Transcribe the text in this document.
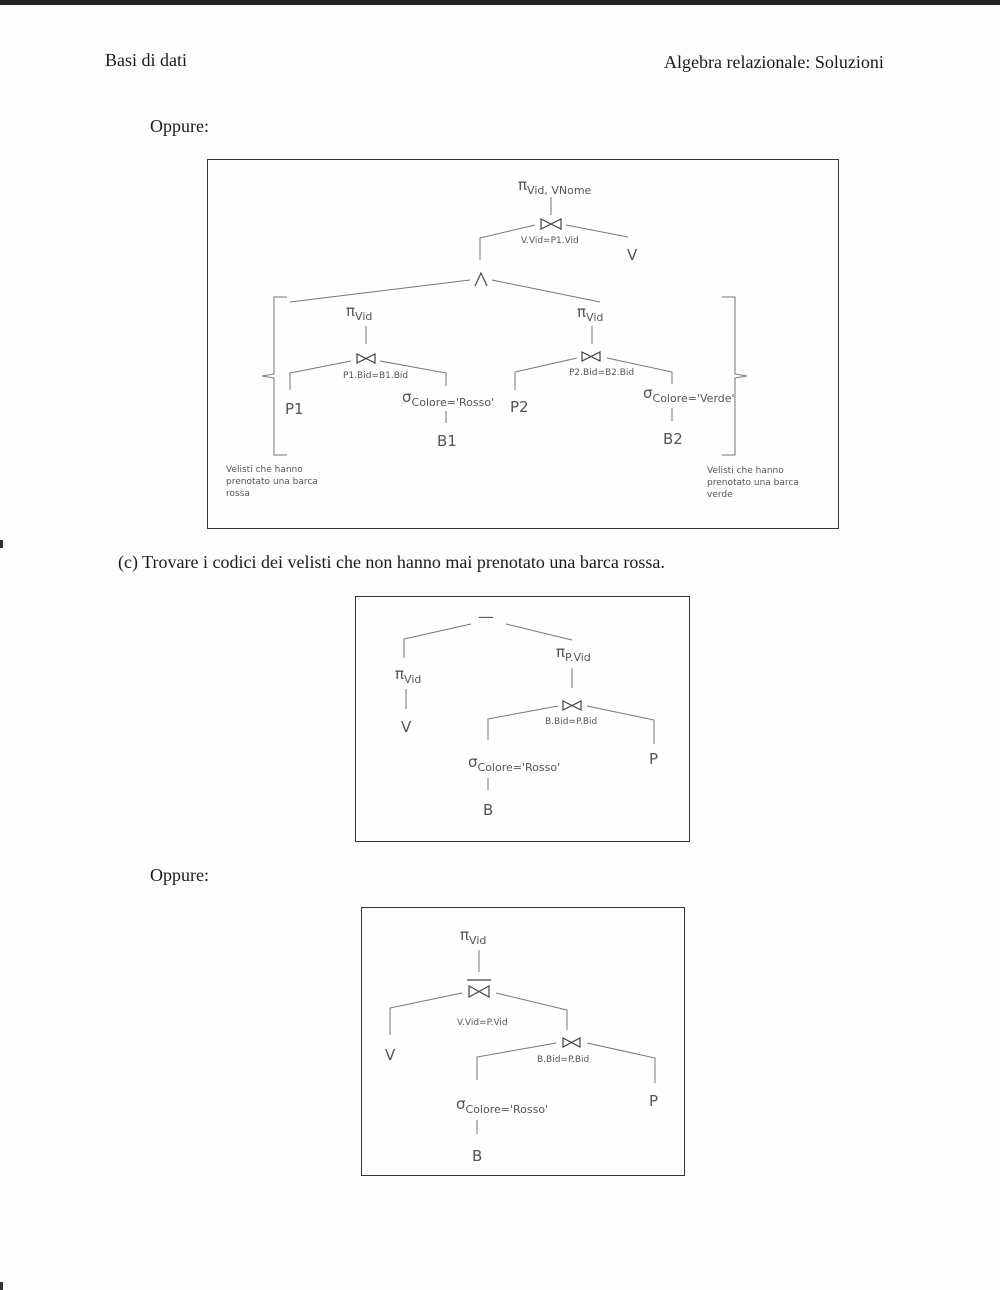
Basi di dati	Algebra relazionale: Soluzioni
Oppure:
(c) Trovare i codici dei velisti che non hanno mai prenotato una barca rossa.
Oppure:
$\pi_{Vid, VNome}$
V.Vid=P1.Vid
V
$\pi_{Vid}$
P1.Bid=B1.Bid
P1
$\sigma_{Colore='Rosso'}$
B1
$\pi_{Vid}$
P2.Bid=B2.Bid
P2
$\sigma_{Colore='Verde'}$
B2
Velisti che hanno prenotato una barca rossa
Velisti che hanno prenotato una barca verde
—
$\pi_{Vid}$
V
$\pi_{P.Vid}$
B.Bid=P.Bid
$\sigma_{Colore='Rosso'}$
B
P
$\pi_{Vid}$
V.Vid=P.Vid
V	B.Bid=P.Bid
$\sigma_{Colore='Rosso'}$
B
P
